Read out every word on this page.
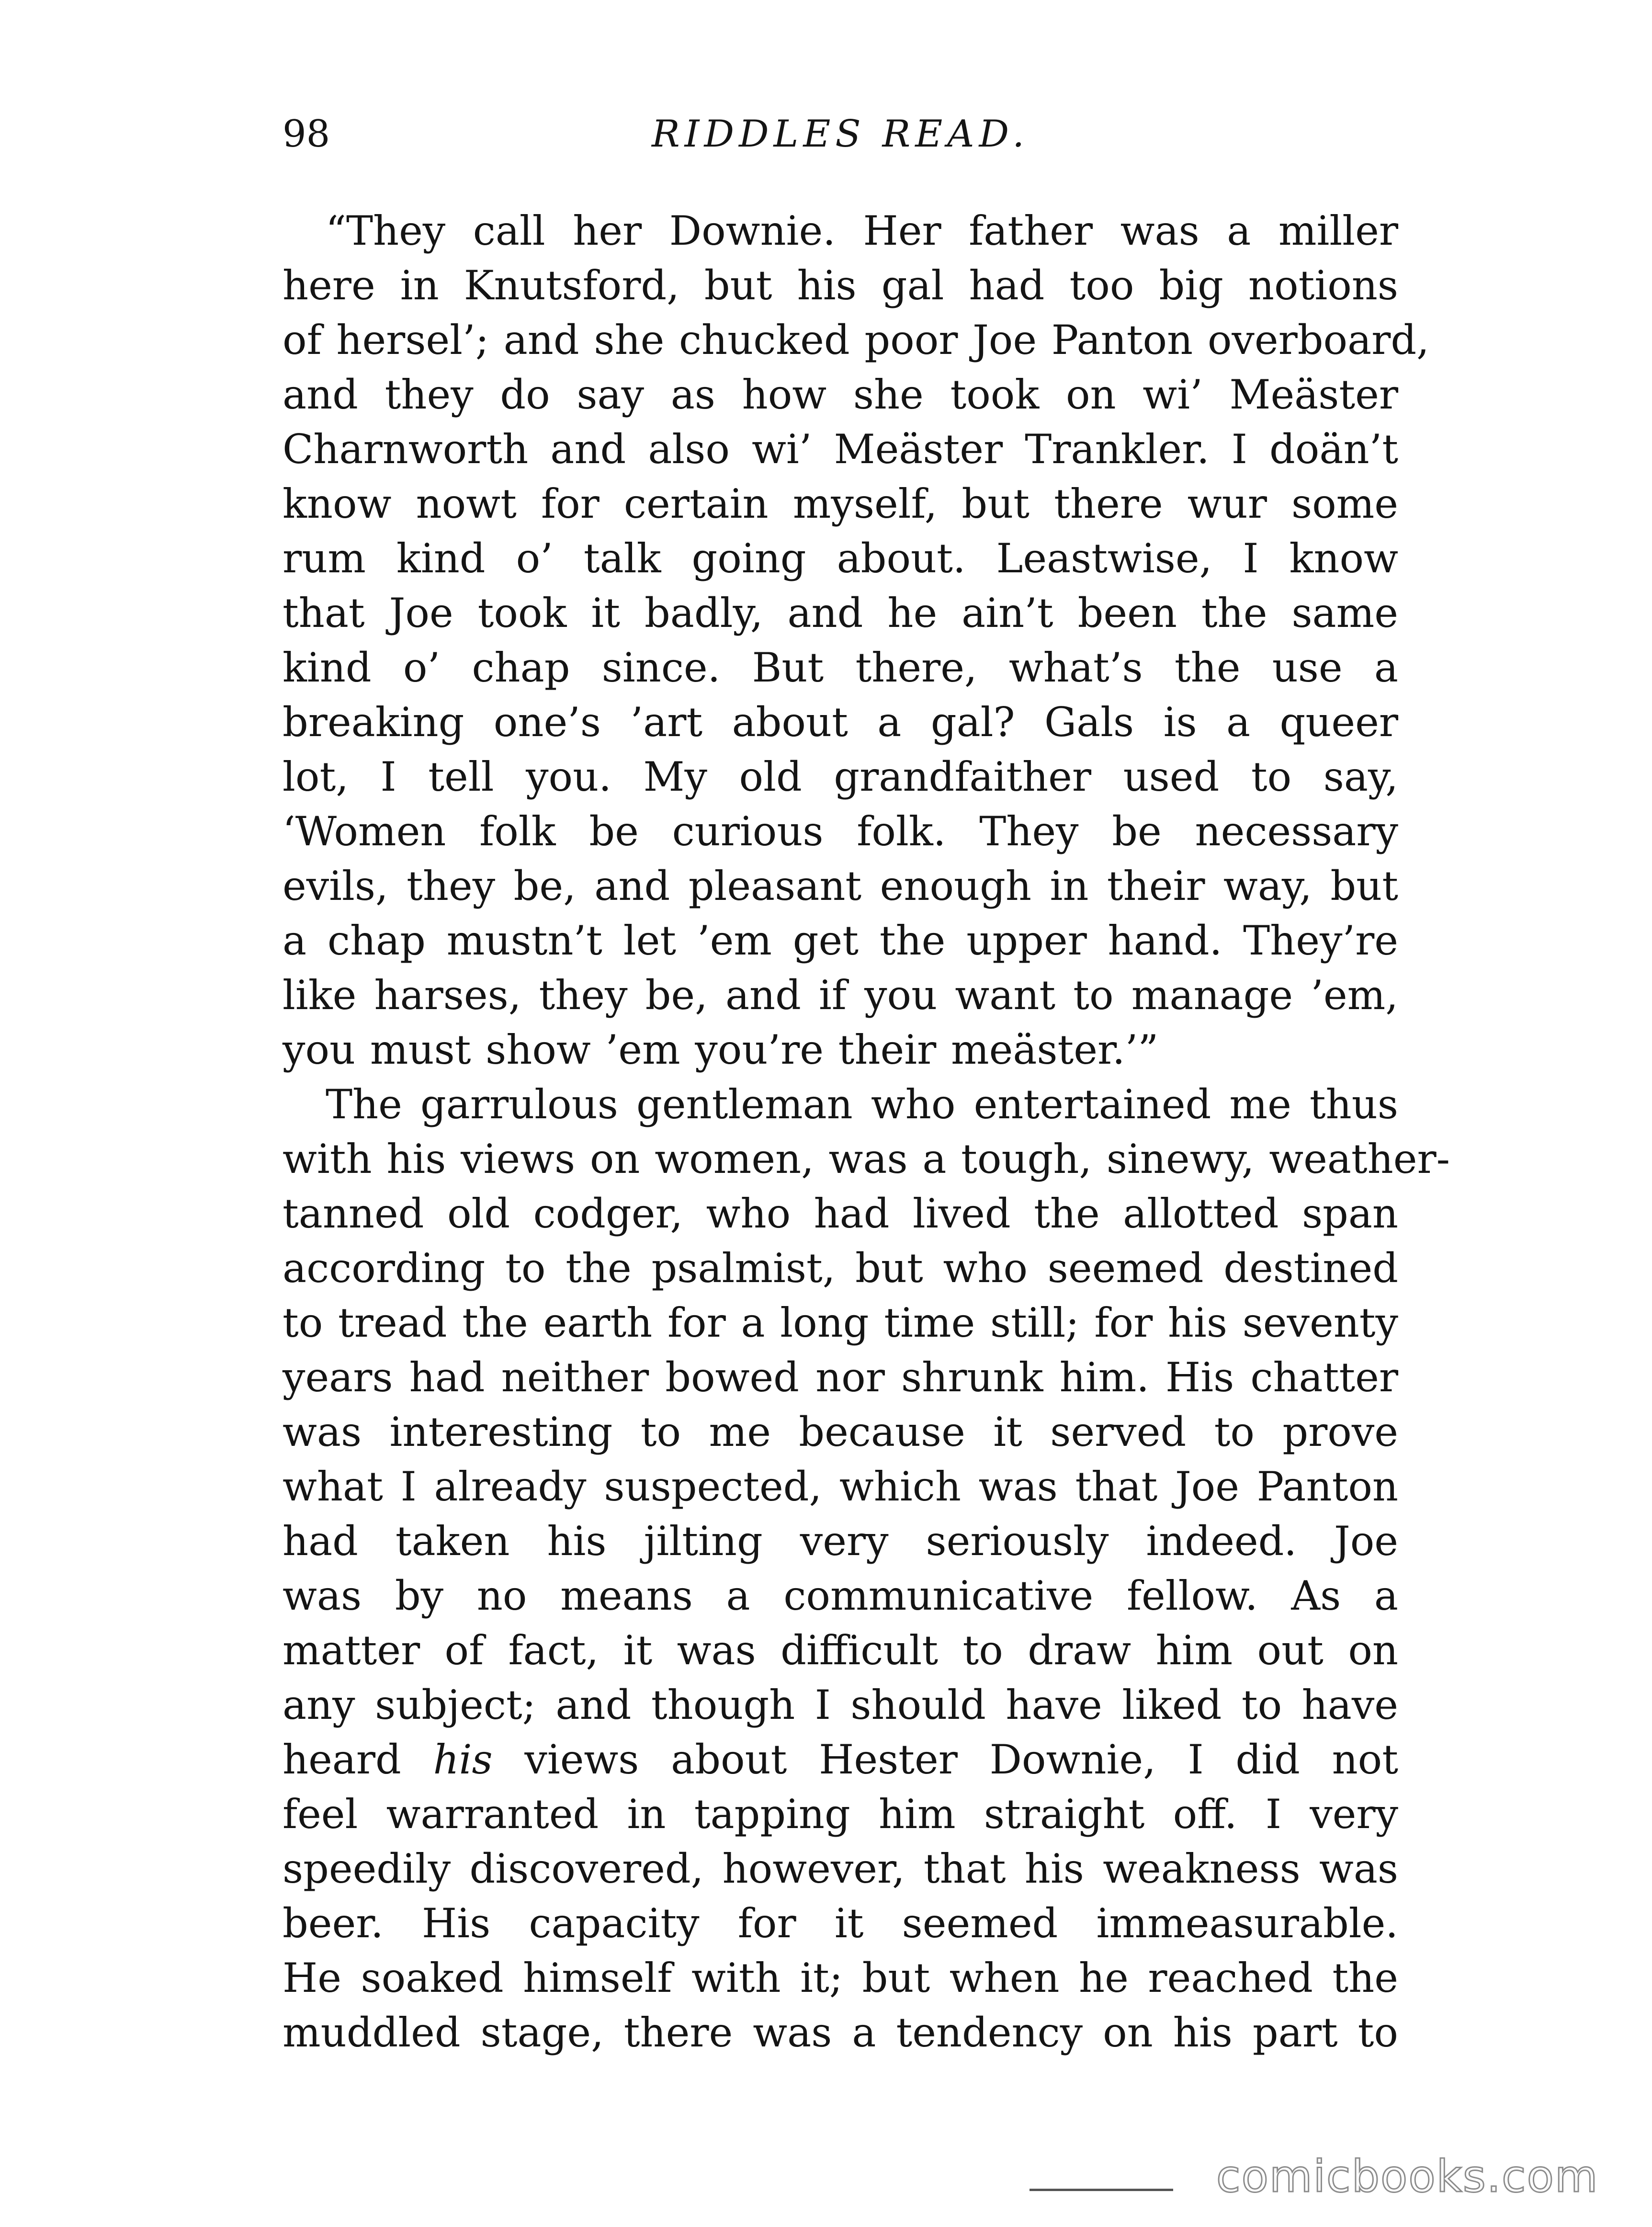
98	RIDDLES READ.
“They call her Downie. Her father was a miller
here in Knutsford, but his gal had too big notions
of hersel’; and she chucked poor Joe Panton overboard,
and they do say as how she took on wi’ Meäster
Charnworth and also wi’ Meäster Trankler. I doän’t
know nowt for certain myself, but there wur some
rum kind o’ talk going about. Leastwise, I know
that Joe took it badly, and he ain’t been the same
kind o’ chap since. But there, what’s the use a
breaking one’s ’art about a gal? Gals is a queer
lot, I tell you. My old grandfaither used to say,
‘Women folk be curious folk. They be necessary
evils, they be, and pleasant enough in their way, but
a chap mustn’t let ’em get the upper hand. They’re
like harses, they be, and if you want to manage ’em,
you must show ’em you’re their meäster.’”
The garrulous gentleman who entertained me thus
with his views on women, was a tough, sinewy, weather-
tanned old codger, who had lived the allotted span
according to the psalmist, but who seemed destined
to tread the earth for a long time still; for his seventy
years had neither bowed nor shrunk him. His chatter
was interesting to me because it served to prove
what I already suspected, which was that Joe Panton
had taken his jilting very seriously indeed. Joe
was by no means a communicative fellow. As a
matter of fact, it was difficult to draw him out on
any subject; and though I should have liked to have
heard his views about Hester Downie, I did not
feel warranted in tapping him straight off. I very
speedily discovered, however, that his weakness was
beer. His capacity for it seemed immeasurable.
He soaked himself with it; but when he reached the
muddled stage, there was a tendency on his part to
comicbooks.com
